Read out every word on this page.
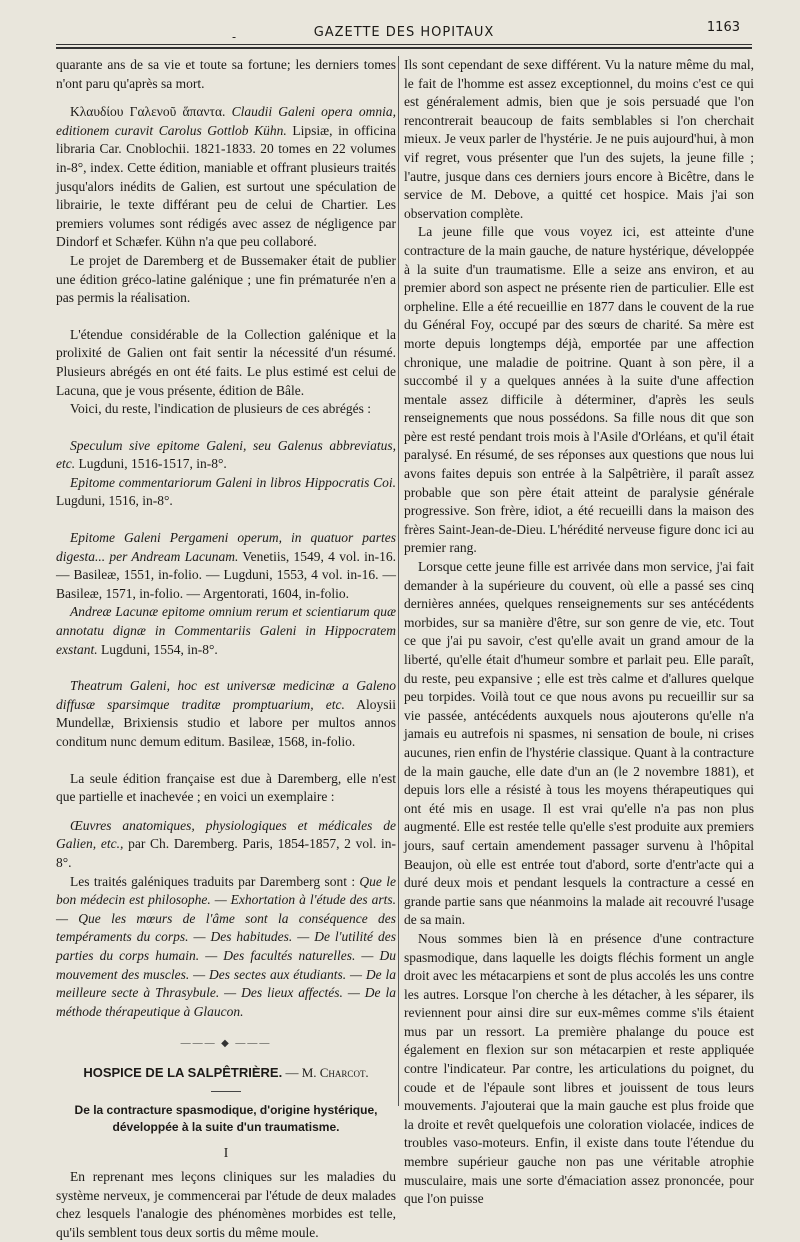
-	GAZETTE DES HOPITAUX	1163

quarante ans de sa vie et toute sa fortune; les derniers tomes n'ont paru qu'après sa mort.

Κλαυδίου Γαλενοῦ ἅπαντα. Claudii Galeni opera omnia, editionem curavit Carolus Gottlob Kühn. Lipsiæ, in officina libraria Car. Cnoblochii. 1821-1833. 20 tomes en 22 volumes in-8°, index. Cette édition, maniable et offrant plusieurs traités jusqu'alors inédits de Galien, est surtout une spéculation de librairie, le texte différant peu de celui de Chartier. Les premiers volumes sont rédigés avec assez de négligence par Dindorf et Schæfer. Kühn n'a que peu collaboré.

Le projet de Daremberg et de Bussemaker était de publier une édition gréco-latine galénique ; une fin prématurée n'en a pas permis la réalisation.

L'étendue considérable de la Collection galénique et la prolixité de Galien ont fait sentir la nécessité d'un résumé. Plusieurs abrégés en ont été faits. Le plus estimé est celui de Lacuna, que je vous présente, édition de Bâle.

Voici, du reste, l'indication de plusieurs de ces abrégés :

Speculum sive epitome Galeni, seu Galenus abbreviatus, etc. Lugduni, 1516-1517, in-8°.

Epitome commentariorum Galeni in libros Hippocratis Coi. Lugduni, 1516, in-8°.

Epitome Galeni Pergameni operum, in quatuor partes digesta... per Andream Lacunam. Venetiis, 1549, 4 vol. in-16. — Basileæ, 1551, in-folio. — Lugduni, 1553, 4 vol. in-16. — Basileæ, 1571, in-folio. — Argentorati, 1604, in-folio.

Andreæ Lacunæ epitome omnium rerum et scientiarum quæ annotatu dignæ in Commentariis Galeni in Hippocratem exstant. Lugduni, 1554, in-8°.

Theatrum Galeni, hoc est universæ medicinæ a Galeno diffusæ sparsimque traditæ promptuarium, etc. Aloysii Mundellæ, Brixiensis studio et labore per multos annos conditum nunc demum editum. Basileæ, 1568, in-folio.

La seule édition française est due à Daremberg, elle n'est que partielle et inachevée ; en voici un exemplaire :

Œuvres anatomiques, physiologiques et médicales de Galien, etc., par Ch. Daremberg. Paris, 1854-1857, 2 vol. in-8°.

Les traités galéniques traduits par Daremberg sont : Que le bon médecin est philosophe. — Exhortation à l'étude des arts. — Que les mœurs de l'âme sont la conséquence des tempéraments du corps. — Des habitudes. — De l'utilité des parties du corps humain. — Des facultés naturelles. — Du mouvement des muscles. — Des sectes aux étudiants. — De la meilleure secte à Thrasybule. — Des lieux affectés. — De la méthode thérapeutique à Glaucon.

——— ◆ ———
HOSPICE DE LA SALPÊTRIÈRE. — M. Charcot.
De la contracture spasmodique, d'origine hystérique, développée à la suite d'un traumatisme.
I

En reprenant mes leçons cliniques sur les maladies du système nerveux, je commencerai par l'étude de deux malades chez lesquels l'analogie des phénomènes morbides est telle, qu'ils semblent tous deux sortis du même moule.

Ils sont cependant de sexe différent. Vu la nature même du mal, le fait de l'homme est assez exceptionnel, du moins c'est ce qui est généralement admis, bien que je sois persuadé que l'on rencontrerait beaucoup de faits semblables si l'on cherchait mieux. Je veux parler de l'hystérie. Je ne puis aujourd'hui, à mon vif regret, vous présenter que l'un des sujets, la jeune fille ; l'autre, jusque dans ces derniers jours encore à Bicêtre, dans le service de M. Debove, a quitté cet hospice. Mais j'ai son observation complète.

La jeune fille que vous voyez ici, est atteinte d'une contracture de la main gauche, de nature hystérique, développée à la suite d'un traumatisme. Elle a seize ans environ, et au premier abord son aspect ne présente rien de particulier. Elle est orpheline. Elle a été recueillie en 1877 dans le couvent de la rue du Général Foy, occupé par des sœurs de charité. Sa mère est morte depuis longtemps déjà, emportée par une affection chronique, une maladie de poitrine. Quant à son père, il a succombé il y a quelques années à la suite d'une affection mentale assez difficile à déterminer, d'après les seuls renseignements que nous possédons. Sa fille nous dit que son père est resté pendant trois mois à l'Asile d'Orléans, et qu'il était paralysé. En résumé, de ses réponses aux questions que nous lui avons faites depuis son entrée à la Salpêtrière, il paraît assez probable que son père était atteint de paralysie générale progressive. Son frère, idiot, a été recueilli dans la maison des frères Saint-Jean-de-Dieu. L'hérédité nerveuse figure donc ici au premier rang.

Lorsque cette jeune fille est arrivée dans mon service, j'ai fait demander à la supérieure du couvent, où elle a passé ses cinq dernières années, quelques renseignements sur ses antécédents morbides, sur sa manière d'être, sur son genre de vie, etc. Tout ce que j'ai pu savoir, c'est qu'elle avait un grand amour de la liberté, qu'elle était d'humeur sombre et parlait peu. Elle paraît, du reste, peu expansive ; elle est très calme et d'allures quelque peu torpides. Voilà tout ce que nous avons pu recueillir sur sa vie passée, antécédents auxquels nous ajouterons qu'elle n'a jamais eu autrefois ni spasmes, ni sensation de boule, ni crises aucunes, rien enfin de l'hystérie classique. Quant à la contracture de la main gauche, elle date d'un an (le 2 novembre 1881), et depuis lors elle a résisté à tous les moyens thérapeutiques qui ont été mis en usage. Il est vrai qu'elle n'a pas non plus augmenté. Elle est restée telle qu'elle s'est produite aux premiers jours, sauf certain amendement passager survenu à l'hôpital Beaujon, où elle est entrée tout d'abord, sorte d'entr'acte qui a duré deux mois et pendant lesquels la contracture a cessé en grande partie sans que néanmoins la malade ait recouvré l'usage de sa main.

Nous sommes bien là en présence d'une contracture spasmodique, dans laquelle les doigts fléchis forment un angle droit avec les métacarpiens et sont de plus accolés les uns contre les autres. Lorsque l'on cherche à les détacher, à les séparer, ils reviennent pour ainsi dire sur eux-mêmes comme s'ils étaient mus par un ressort. La première phalange du pouce est également en flexion sur son métacarpien et reste appliquée contre l'indicateur. Par contre, les articulations du poignet, du coude et de l'épaule sont libres et jouissent de tous leurs mouvements. J'ajouterai que la main gauche est plus froide que la droite et revêt quelquefois une coloration violacée, indices de troubles vaso-moteurs. Enfin, il existe dans toute l'étendue du membre supérieur gauche non pas une véritable atrophie musculaire, mais une sorte d'émaciation assez prononcée, pour que l'on puisse
